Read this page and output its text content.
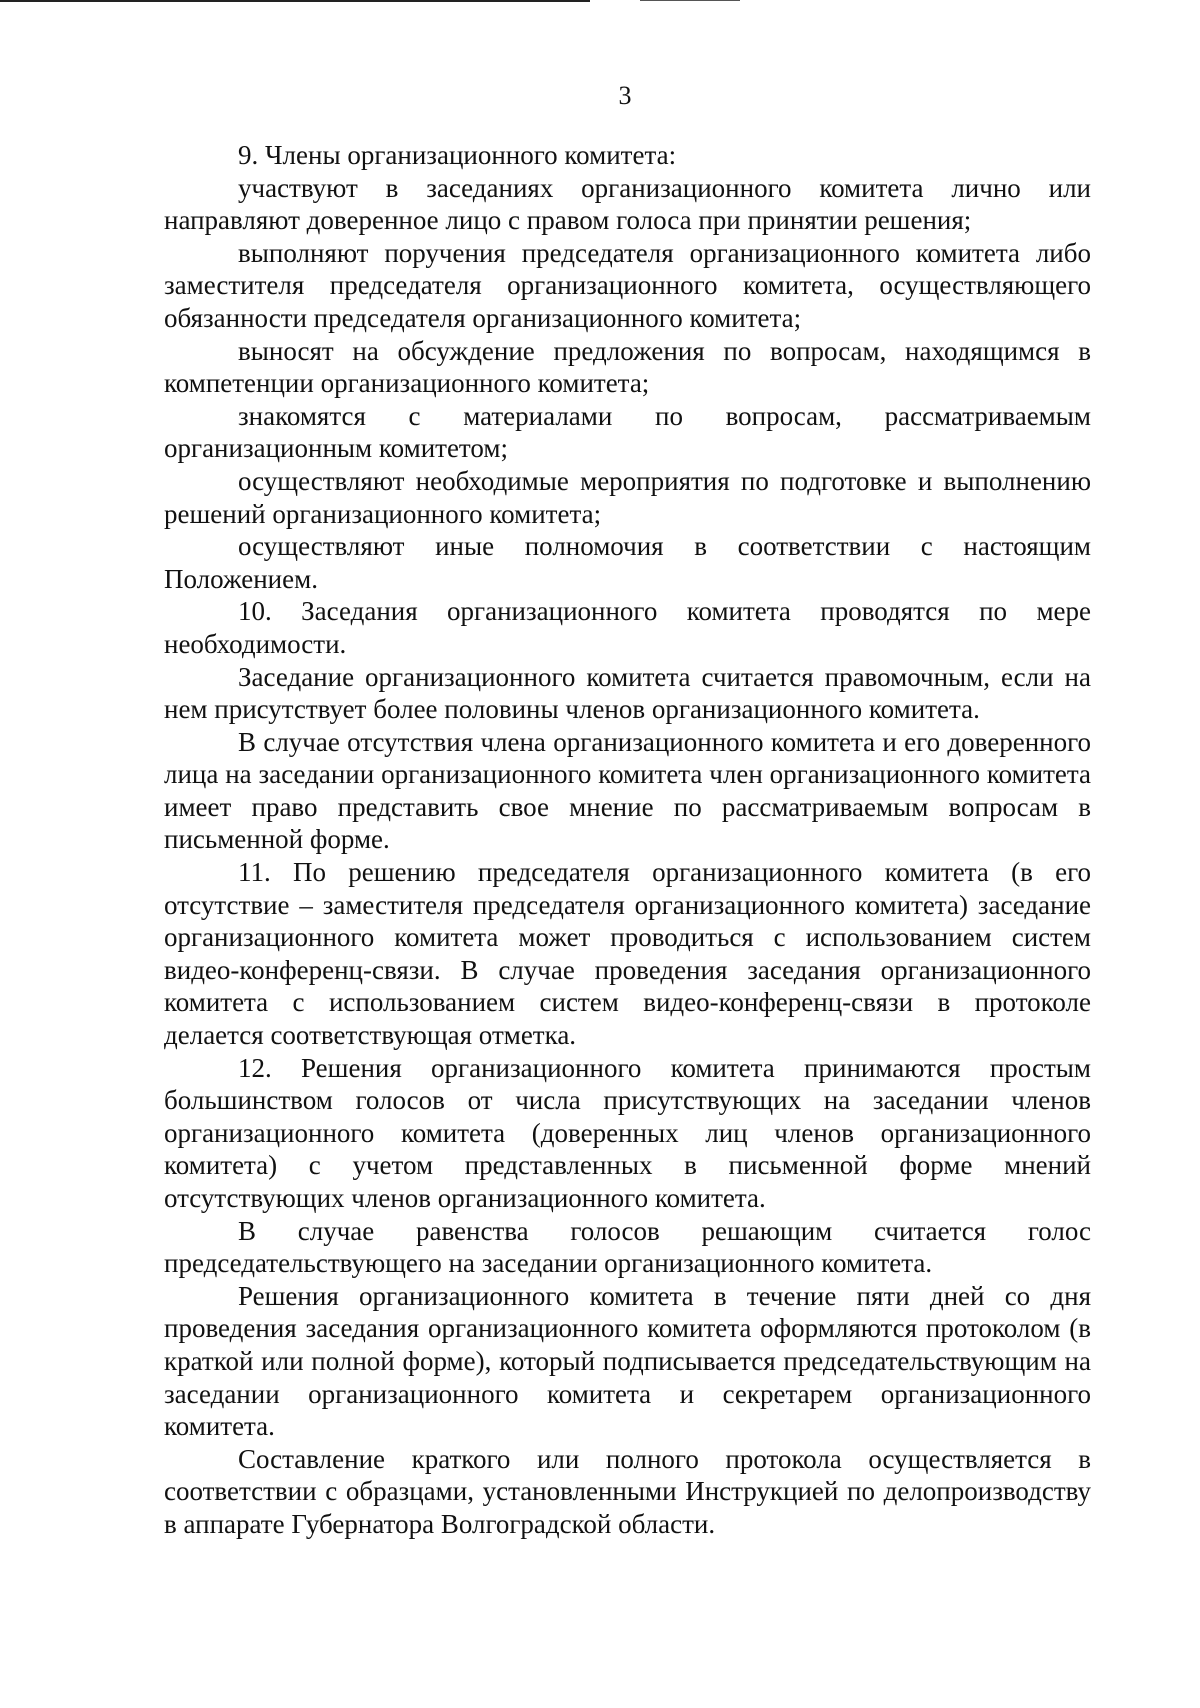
3

9. Члены организационного комитета:

участвуют в заседаниях организационного комитета лично или направляют доверенное лицо с правом голоса при принятии решения;

выполняют поручения председателя организационного комитета либо заместителя председателя организационного комитета, осуществляющего обязанности председателя организационного комитета;

выносят на обсуждение предложения по вопросам, находящимся в компетенции организационного комитета;

знакомятся с материалами по вопросам, рассматриваемым организационным комитетом;

осуществляют необходимые мероприятия по подготовке и выполнению решений организационного комитета;

осуществляют иные полномочия в соответствии с настоящим Положением.

10. Заседания организационного комитета проводятся по мере необходимости.

Заседание организационного комитета считается правомочным, если на нем присутствует более половины членов организационного комитета.

В случае отсутствия члена организационного комитета и его доверенного лица на заседании организационного комитета член организационного комитета имеет право представить свое мнение по рассматриваемым вопросам в письменной форме.

11. По решению председателя организационного комитета (в его отсутствие – заместителя председателя организационного комитета) заседание организационного комитета может проводиться с использованием систем видео-конференц-связи. В случае проведения заседания организационного комитета с использованием систем видео-конференц-связи в протоколе делается соответствующая отметка.

12. Решения организационного комитета принимаются простым большинством голосов от числа присутствующих на заседании членов организационного комитета (доверенных лиц членов организационного комитета) с учетом представленных в письменной форме мнений отсутствующих членов организационного комитета.

В случае равенства голосов решающим считается голос председательствующего на заседании организационного комитета.

Решения организационного комитета в течение пяти дней со дня проведения заседания организационного комитета оформляются протоколом (в краткой или полной форме), который подписывается председательствующим на заседании организационного комитета и секретарем организационного комитета.

Составление краткого или полного протокола осуществляется в соответствии с образцами, установленными Инструкцией по делопроизводству в аппарате Губернатора Волгоградской области.
